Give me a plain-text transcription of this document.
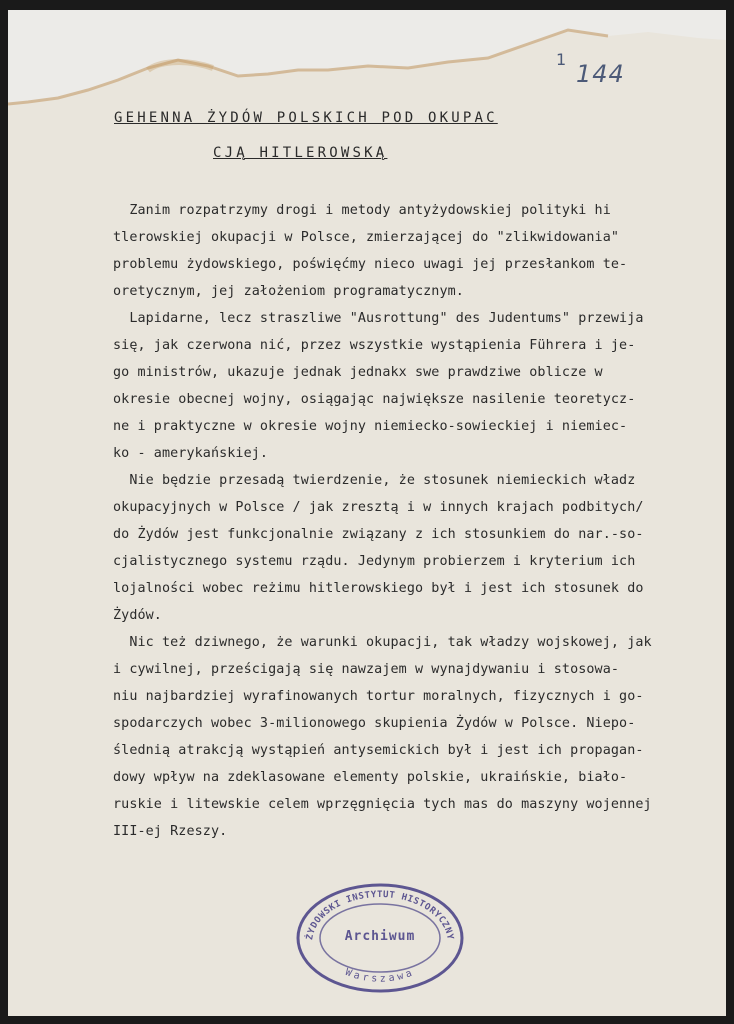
1
144
GEHENNA ŻYDÓW POLSKICH POD OKUPAC
CJĄ HITLEROWSKĄ

Zanim rozpatrzymy drogi i metody antyżydowskiej polityki hi

tlerowskiej okupacji w Polsce, zmierzającej do "zlikwidowania"

problemu żydowskiego, poświęćmy nieco uwagi jej przesłankom te-

oretycznym, jej założeniom programatycznym.

Lapidarne, lecz straszliwe "Ausrottung" des Judentums" przewija

się, jak czerwona nić, przez wszystkie wystąpienia Führera i je-

go ministrów, ukazuje jednak jednakx swe prawdziwe oblicze w

okresie obecnej wojny, osiągając największe nasilenie teoretycz-

ne i praktyczne w okresie wojny niemiecko-sowieckiej i niemiec-

ko - amerykańskiej.

Nie będzie przesadą twierdzenie, że stosunek niemieckich władz

okupacyjnych w Polsce / jak zresztą i w innych krajach podbitych/

do Żydów jest funkcjonalnie związany z ich stosunkiem do nar.-so-

cjalistycznego systemu rządu. Jedynym probierzem i kryterium ich

lojalności wobec reżimu hitlerowskiego był i jest ich stosunek do

Żydów.

Nic też dziwnego, że warunki okupacji, tak władzy wojskowej, jak

i cywilnej, prześcigają się nawzajem w wynajdywaniu i stosowa-

niu najbardziej wyrafinowanych tortur moralnych, fizycznych i go-

spodarczych wobec 3-milionowego skupienia Żydów w Polsce. Niepo-

ślednią atrakcją wystąpień antysemickich był i jest ich propagan-

dowy wpływ na zdeklasowane elementy polskie, ukraińskie, biało-

ruskie i litewskie celem wprzęgnięcia tych mas do maszyny wojennej

III-ej Rzeszy.

ŻYDOWSKI INSTYTUT HISTORYCZNY
Warszawa
Archiwum
